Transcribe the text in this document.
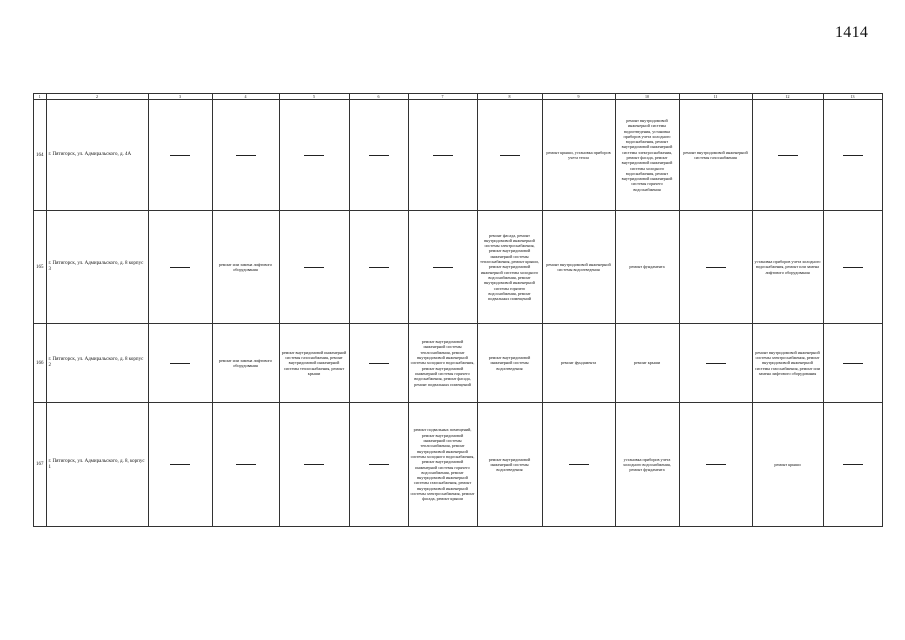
1414
1	2	3	4	5	6	7	8	9	10	11	12	13
164	г. Пятигорск, ул. Адмиральского, д. 4А							ремонт крыши, установка приборов учета тепла	ремонт внутридомовой инженерной системы водоотведения, установка приборов учета холодного водоснабжения, ремонт внутридомовой инженерной системы электроснабжения, ремонт фасада, ремонт внутридомовой инженерной системы холодного водоснабжения, ремонт внутридомовой инженерной системы горячего водоснабжения	ремонт внутридомовой инженерной системы газоснабжения	

165	г. Пятигорск, ул. Адмиральского, д. 8 корпус 3		ремонт или замена лифтового оборудования				ремонт фасада, ремонт внутридомовой инженерной системы электроснабжения, ремонт внутридомовой инженерной системы теплоснабжения, ремонт крыши, ремонт внутридомовой инженерной системы холодного водоснабжения, ремонт внутридомовой инженерной системы горячего водоснабжения, ремонт подвальных помещений	ремонт внутридомовой инженерной системы водоотведения	ремонт фундамента		установка приборов учета холодного водоснабжения, ремонт или замена лифтового оборудования	

166	г. Пятигорск, ул. Адмиральского, д. 8 корпус 2		ремонт или замена лифтового оборудования	ремонт внутридомовой инженерной системы газоснабжения, ремонт внутридомовой инженерной системы теплоснабжения, ремонт крыши		ремонт внутридомовой инженерной системы теплоснабжения, ремонт внутридомовой инженерной системы холодного водоснабжения, ремонт внутридомовой инженерной системы горячего водоснабжения, ремонт фасада, ремонт подвальных помещений	ремонт внутридомовой инженерной системы водоотведения	ремонт фундамента	ремонт крыши		ремонт внутридомовой инженерной системы электроснабжения, ремонт внутридомовой инженерной системы газоснабжения, ремонт или замена лифтового оборудования	

167	г. Пятигорск, ул. Адмиральского, д. 8, корпус 1					ремонт подвальных помещений, ремонт внутридомовой инженерной системы теплоснабжения, ремонт внутридомовой инженерной системы холодного водоснабжения, ремонт внутридомовой инженерной системы горячего водоснабжения, ремонт внутридомовой инженерной системы газоснабжения, ремонт внутридомовой инженерной системы электроснабжения, ремонт фасада, ремонт крыши	ремонт внутридомовой инженерной системы водоотведения		установка приборов учета холодного водоснабжения, ремонт фундамента		ремонт крыши	
